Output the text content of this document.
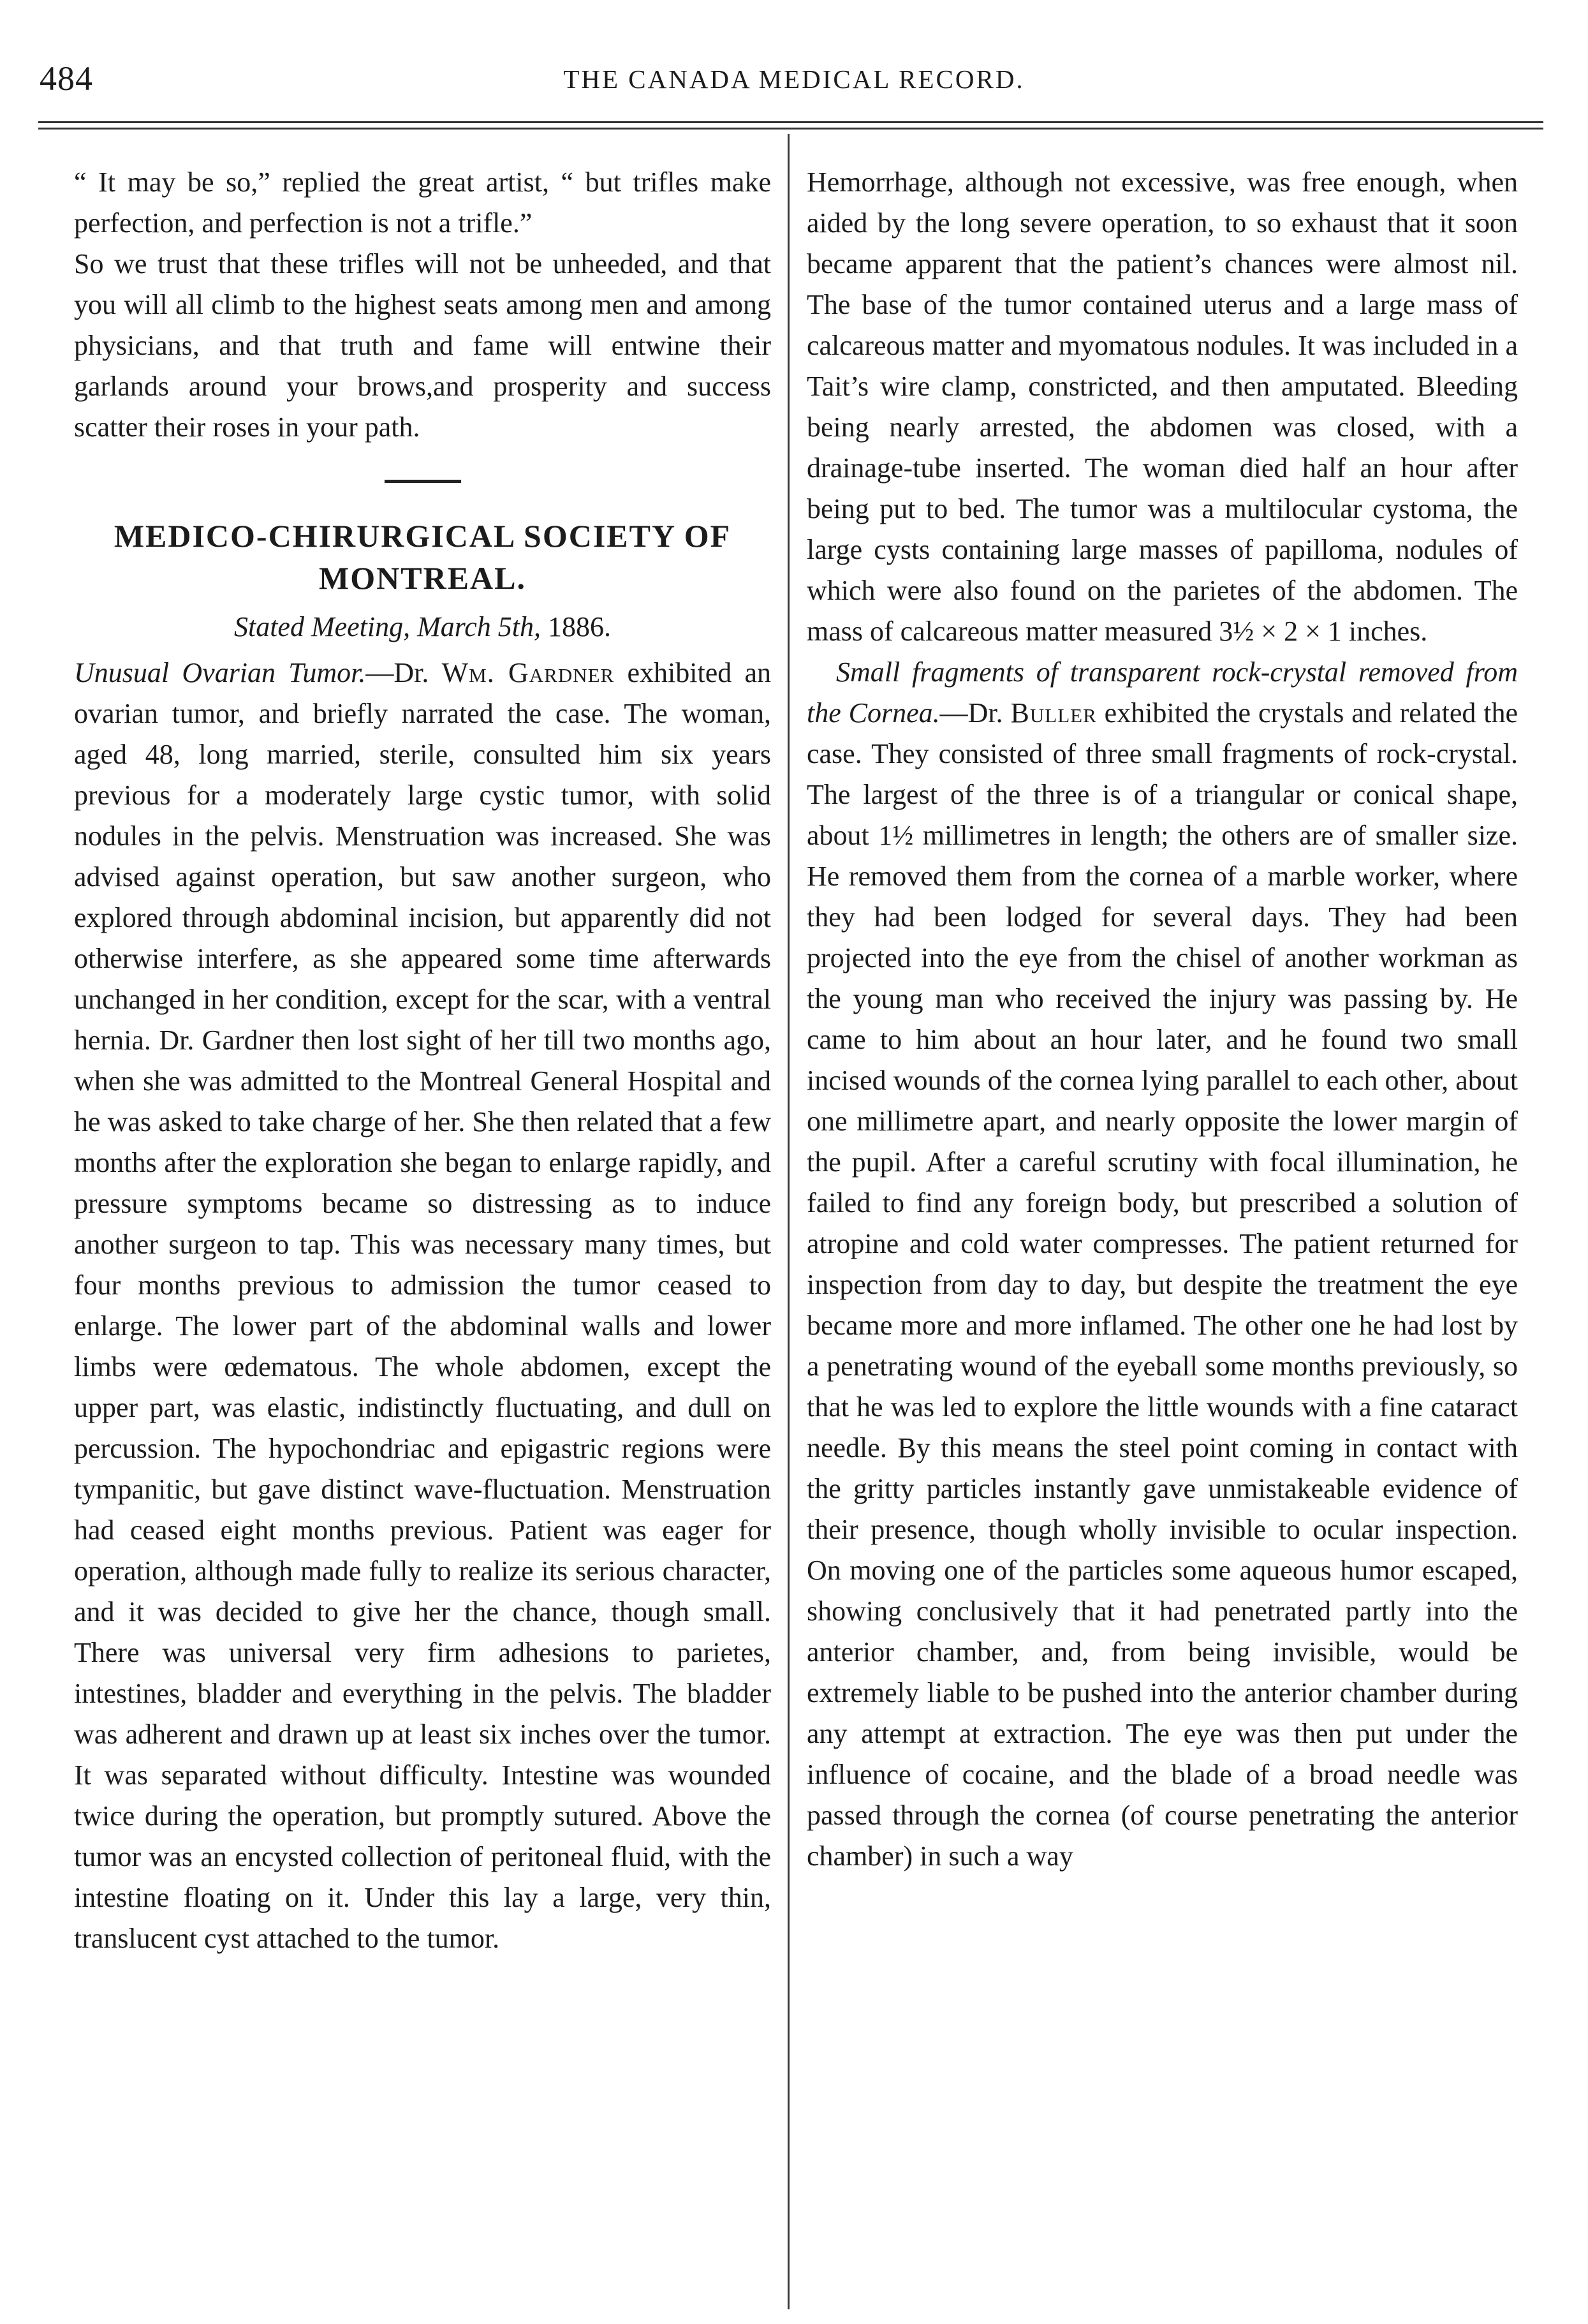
484	THE CANADA MEDICAL RECORD.

“ It may be so,” replied the great artist, “ but trifles make perfection, and perfection is not a trifle.”

So we trust that these trifles will not be unheeded, and that you will all climb to the highest seats among men and among physicians, and that truth and fame will entwine their garlands around your brows,and prosperity and success scatter their roses in your path.

MEDICO-CHIRURGICAL SOCIETY OF MONTREAL.
Stated Meeting, March 5th, 1886.

Unusual Ovarian Tumor.—Dr. Wm. Gardner exhibited an ovarian tumor, and briefly narrated the case. The woman, aged 48, long married, sterile, consulted him six years previous for a moderately large cystic tumor, with solid nodules in the pelvis. Menstruation was increased. She was advised against operation, but saw another surgeon, who explored through abdominal incision, but apparently did not otherwise interfere, as she appeared some time afterwards unchanged in her condition, except for the scar, with a ventral hernia. Dr. Gardner then lost sight of her till two months ago, when she was admitted to the Montreal General Hospital and he was asked to take charge of her. She then related that a few months after the exploration she began to enlarge rapidly, and pressure symptoms became so distressing as to induce another surgeon to tap. This was necessary many times, but four months previous to admission the tumor ceased to enlarge. The lower part of the abdominal walls and lower limbs were œdematous. The whole abdomen, except the upper part, was elastic, indistinctly fluctuating, and dull on percussion. The hypochondriac and epigastric regions were tympanitic, but gave distinct wave-fluctuation. Menstruation had ceased eight months previous. Patient was eager for operation, although made fully to realize its serious character, and it was decided to give her the chance, though small. There was universal very firm adhesions to parietes, intestines, bladder and everything in the pelvis. The bladder was adherent and drawn up at least six inches over the tumor. It was separated without difficulty. Intestine was wounded twice during the operation, but promptly sutured. Above the tumor was an encysted collection of peritoneal fluid, with the intestine floating on it. Under this lay a large, very thin, translucent cyst attached to the tumor.

Hemorrhage, although not excessive, was free enough, when aided by the long severe operation, to so exhaust that it soon became apparent that the patient’s chances were almost nil. The base of the tumor contained uterus and a large mass of calcareous matter and myomatous nodules. It was included in a Tait’s wire clamp, constricted, and then amputated. Bleeding being nearly arrested, the abdomen was closed, with a drainage-tube inserted. The woman died half an hour after being put to bed. The tumor was a multilocular cystoma, the large cysts containing large masses of papilloma, nodules of which were also found on the parietes of the abdomen. The mass of calcareous matter measured 3½ × 2 × 1 inches.

Small fragments of transparent rock-crystal removed from the Cornea.—Dr. Buller exhibited the crystals and related the case. They consisted of three small fragments of rock-crystal. The largest of the three is of a triangular or conical shape, about 1½ millimetres in length; the others are of smaller size. He removed them from the cornea of a marble worker, where they had been lodged for several days. They had been projected into the eye from the chisel of another workman as the young man who received the injury was passing by. He came to him about an hour later, and he found two small incised wounds of the cornea lying parallel to each other, about one millimetre apart, and nearly opposite the lower margin of the pupil. After a careful scrutiny with focal illumination, he failed to find any foreign body, but prescribed a solution of atropine and cold water compresses. The patient returned for inspection from day to day, but despite the treatment the eye became more and more inflamed. The other one he had lost by a penetrating wound of the eyeball some months previously, so that he was led to explore the little wounds with a fine cataract needle. By this means the steel point coming in contact with the gritty particles instantly gave unmistakeable evidence of their presence, though wholly invisible to ocular inspection. On moving one of the particles some aqueous humor escaped, showing conclusively that it had penetrated partly into the anterior chamber, and, from being invisible, would be extremely liable to be pushed into the anterior chamber during any attempt at extraction. The eye was then put under the influence of cocaine, and the blade of a broad needle was passed through the cornea (of course penetrating the anterior chamber) in such a way
